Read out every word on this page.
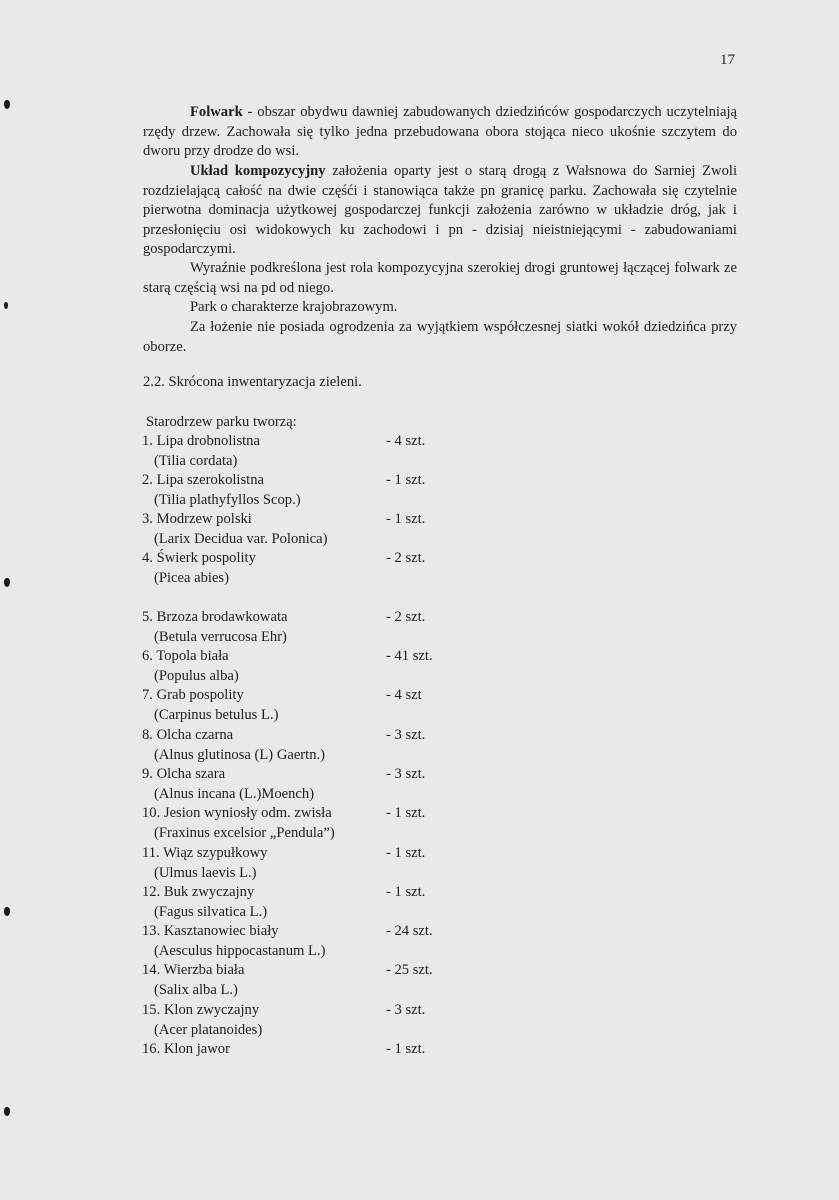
17

Folwark - obszar obydwu dawniej zabudowanych dziedzińców gospodarczych uczytelniają rzędy drzew. Zachowała się tylko jedna przebudowana obora stojąca nieco ukośnie szczytem do dworu przy drodze do wsi.

Układ kompozycyjny założenia oparty jest o starą drogą z Wałsnowa do Sarniej Zwoli rozdzielającą całość na dwie częśći i stanowiąca także pn granicę parku. Zachowała się czytelnie pierwotna dominacja użytkowej gospodarczej funkcji założenia zarówno w układzie dróg, jak i przesłonięciu osi widokowych ku zachodowi i pn - dzisiaj nieistniejącymi - zabudowaniami gospodarczymi.

Wyraźnie podkreślona jest rola kompozycyjna szerokiej drogi gruntowej łączącej folwark ze starą częścią wsi na pd od niego.

Park o charakterze krajobrazowym.

Za łożenie nie posiada ogrodzenia za wyjątkiem współczesnej siatki wokół dziedzińca przy oborze.

2.2. Skrócona inwentaryzacja zieleni.
Starodrzew parku tworzą:
1. Lipa drobnolistna	- 4 szt.
(Tilia cordata)
2. Lipa szerokolistna	- 1 szt.
(Tilia plathyfyllos Scop.)
3. Modrzew polski	- 1 szt.
(Larix Decidua var. Polonica)
4. Świerk pospolity	- 2 szt.
(Picea abies)
5. Brzoza brodawkowata	- 2 szt.
(Betula verrucosa Ehr)
6. Topola biała	- 41 szt.
(Populus alba)
7. Grab pospolity	- 4 szt
(Carpinus betulus L.)
8. Olcha czarna	- 3 szt.
(Alnus glutinosa (L) Gaertn.)
9. Olcha szara	- 3 szt.
(Alnus incana (L.)Moench)
10. Jesion wyniosły odm. zwisła	- 1 szt.
(Fraxinus excelsior „Pendula”)
11. Wiąz szypułkowy	- 1 szt.
(Ulmus laevis L.)
12. Buk zwyczajny	- 1 szt.
(Fagus silvatica L.)
13. Kasztanowiec biały	- 24 szt.
(Aesculus hippocastanum L.)
14. Wierzba biała	- 25 szt.
(Salix alba L.)
15. Klon zwyczajny	- 3 szt.
(Acer platanoides)
16. Klon jawor	- 1 szt.
